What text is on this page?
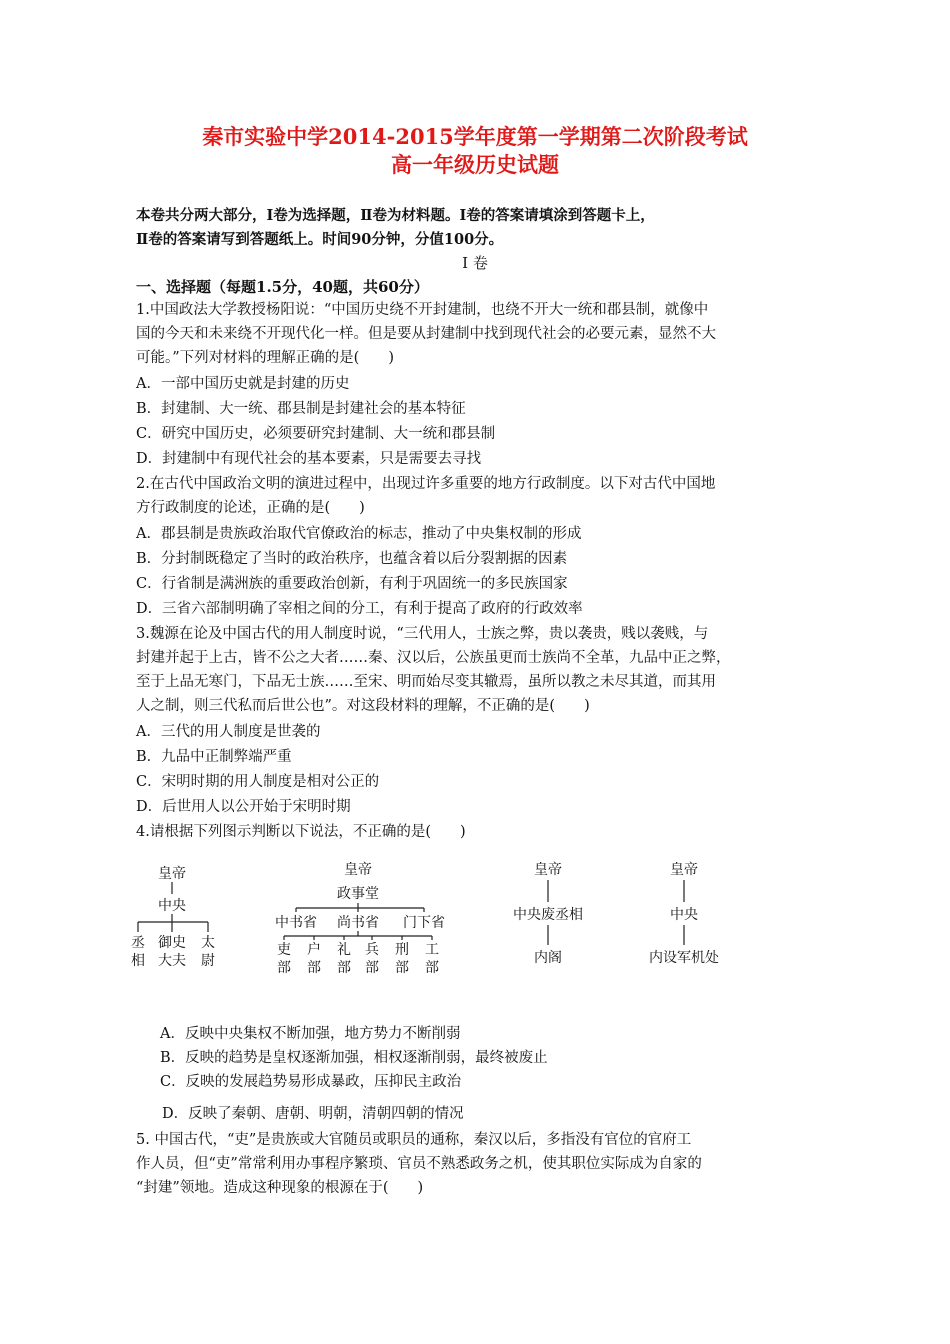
秦市实验中学2014-2015学年度第一学期第二次阶段考试
高一年级历史试题
本卷共分两大部分，Ⅰ卷为选择题，Ⅱ卷为材料题。Ⅰ卷的答案请填涂到答题卡上，
Ⅱ卷的答案请写到答题纸上。时间90分钟，分值100分。
Ⅰ 卷
一、选择题（每题1.5分，40题，共60分）
1.中国政法大学教授杨阳说：“中国历史绕不开封建制，也绕不开大一统和郡县制，就像中
国的今天和未来绕不开现代化一样。但是要从封建制中找到现代社会的必要元素，显然不大
可能。”下列对材料的理解正确的是(　　)
A．一部中国历史就是封建的历史
B．封建制、大一统、郡县制是封建社会的基本特征
C．研究中国历史，必须要研究封建制、大一统和郡县制
D．封建制中有现代社会的基本要素，只是需要去寻找
2.在古代中国政治文明的演进过程中，出现过许多重要的地方行政制度。以下对古代中国地
方行政制度的论述，正确的是(　　)
A．郡县制是贵族政治取代官僚政治的标志，推动了中央集权制的形成
B．分封制既稳定了当时的政治秩序，也蕴含着以后分裂割据的因素
C．行省制是满洲族的重要政治创新，有利于巩固统一的多民族国家
D．三省六部制明确了宰相之间的分工，有利于提高了政府的行政效率
3.魏源在论及中国古代的用人制度时说，“三代用人，士族之弊，贵以袭贵，贱以袭贱，与
封建并起于上古，皆不公之大者……秦、汉以后，公族虽更而士族尚不全革，九品中正之弊，
至于上品无寒门，下品无士族……至宋、明而始尽变其辙焉，虽所以教之未尽其道，而其用
人之制，则三代私而后世公也”。对这段材料的理解，不正确的是(　　)
A．三代的用人制度是世袭的
B．九品中正制弊端严重
C．宋明时期的用人制度是相对公正的
D．后世用人以公开始于宋明时期
4.请根据下列图示判断以下说法，不正确的是(　　)
皇帝
中央
丞
相
御史
大夫
太
尉
皇帝
政事堂
中书省 尚书省 门下省
吏
部
户
部
礼
部
兵
部
刑
部
工
部
皇帝
中央废丞相
内阁
皇帝
中央
内设军机处
A．反映中央集权不断加强，地方势力不断削弱
B．反映的趋势是皇权逐渐加强，相权逐渐削弱，最终被废止
C．反映的发展趋势易形成暴政，压抑民主政治
D．反映了秦朝、唐朝、明朝，清朝四朝的情况
5. 中国古代，“吏”是贵族或大官随员或职员的通称，秦汉以后，多指没有官位的官府工
作人员，但“吏”常常利用办事程序繁琐、官员不熟悉政务之机，使其职位实际成为自家的
“封建”领地。造成这种现象的根源在于(　　)
